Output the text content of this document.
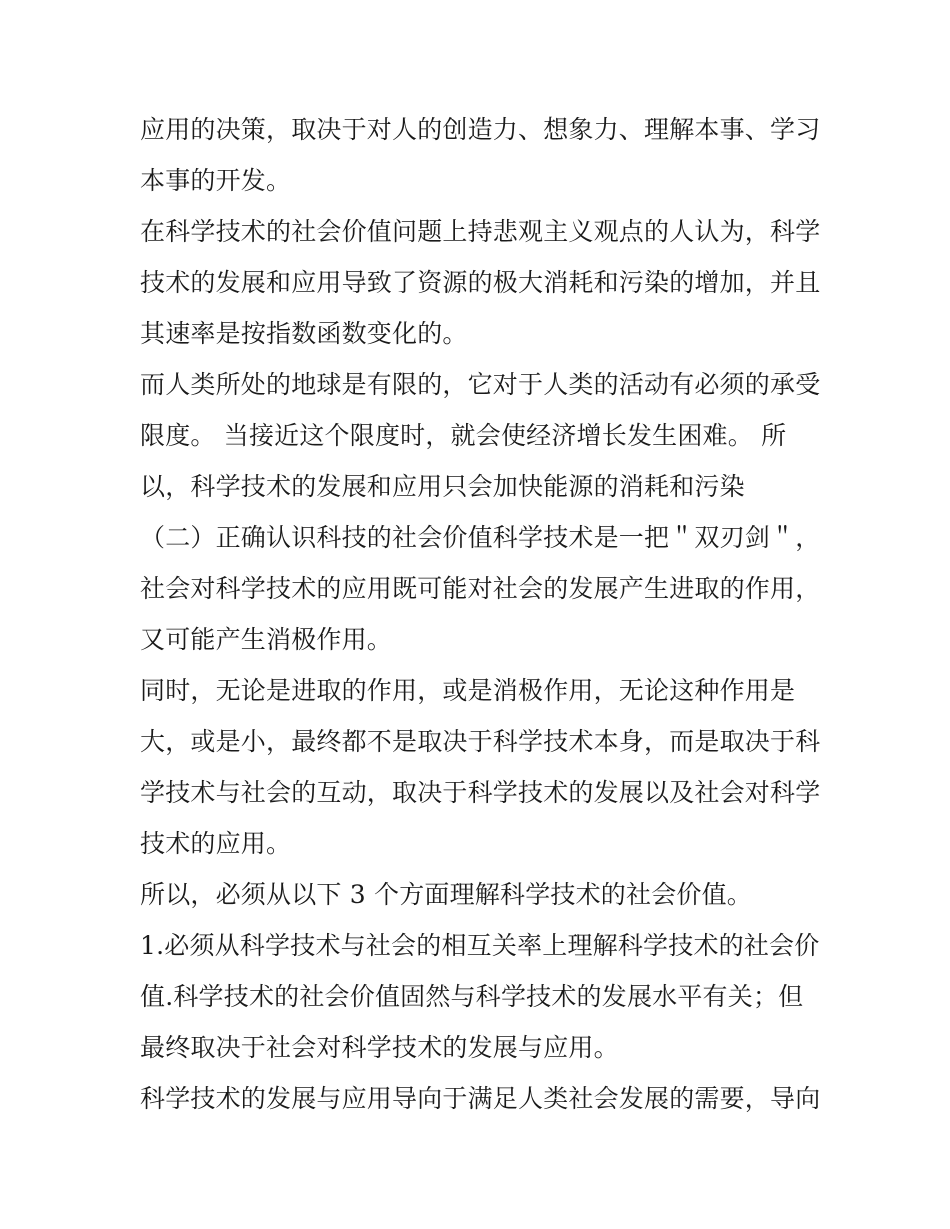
应用的决策，取决于对人的创造力、想象力、理解本事、学习
本事的开发。
在科学技术的社会价值问题上持悲观主义观点的人认为，科学
技术的发展和应用导致了资源的极大消耗和污染的增加，并且
其速率是按指数函数变化的。
而人类所处的地球是有限的，它对于人类的活动有必须的承受
限度。 当接近这个限度时，就会使经济增长发生困难。 所
以，科学技术的发展和应用只会加快能源的消耗和污染
（二）正确认识科技的社会价值科学技术是一把＂双刃剑＂，
社会对科学技术的应用既可能对社会的发展产生进取的作用，
又可能产生消极作用。
同时，无论是进取的作用，或是消极作用，无论这种作用是
大，或是小，最终都不是取决于科学技术本身，而是取决于科
学技术与社会的互动，取决于科学技术的发展以及社会对科学
技术的应用。
所以，必须从以下 3 个方面理解科学技术的社会价值。
1.必须从科学技术与社会的相互关率上理解科学技术的社会价
值.科学技术的社会价值固然与科学技术的发展水平有关；但
最终取决于社会对科学技术的发展与应用。
科学技术的发展与应用导向于满足人类社会发展的需要，导向
